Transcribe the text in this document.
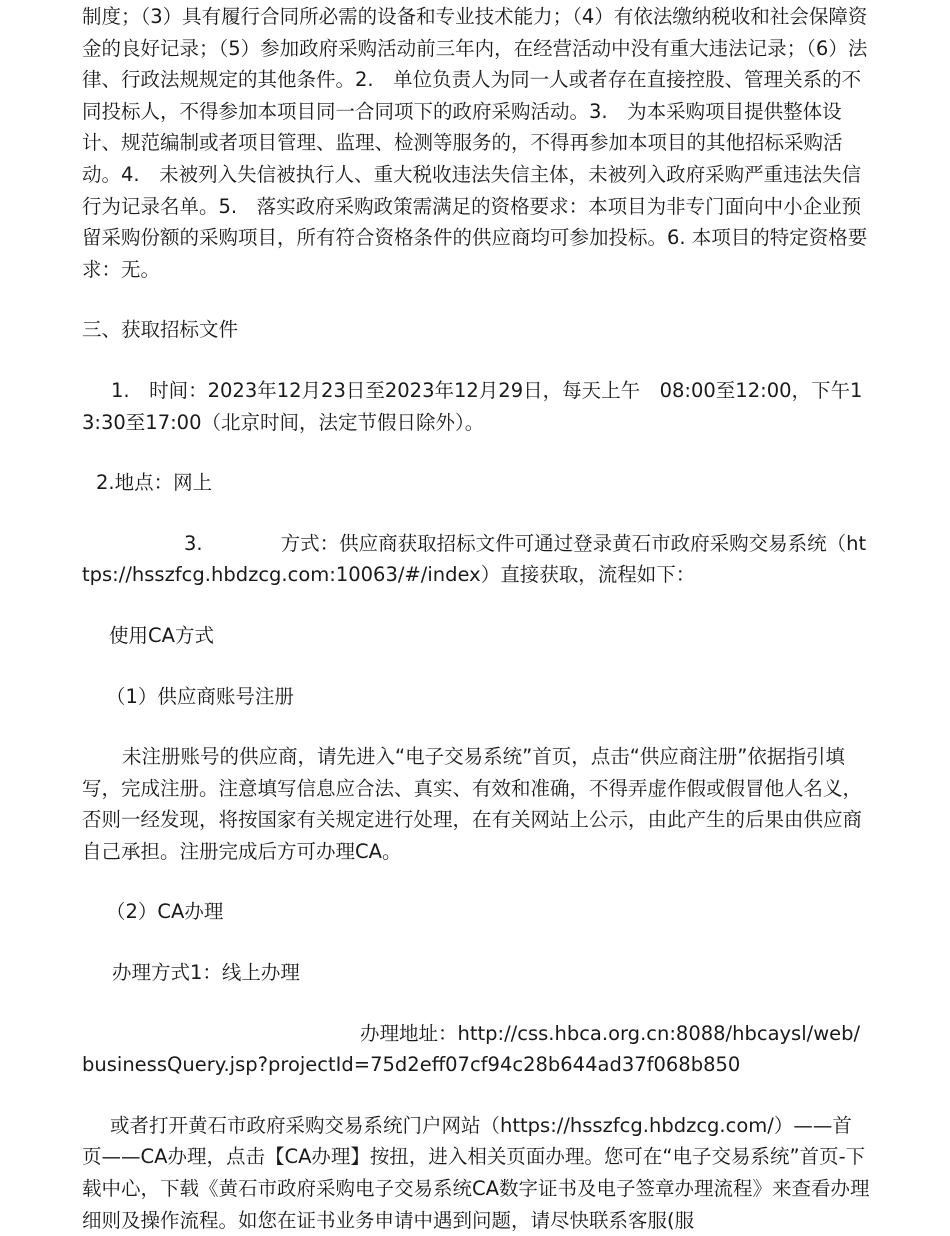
制度；（3）具有履行合同所必需的设备和专业技术能力；（4）有依法缴纳税收和社会保障资金的良好记录；（5）参加政府采购活动前三年内，在经营活动中没有重大违法记录；（6）法律、行政法规规定的其他条件。2.　单位负责人为同一人或者存在直接控股、管理关系的不同投标人，不得参加本项目同一合同项下的政府采购活动。3.　为本采购项目提供整体设计、规范编制或者项目管理、监理、检测等服务的，不得再参加本项目的其他招标采购活动。4.　未被列入失信被执行人、重大税收违法失信主体，未被列入政府采购严重违法失信行为记录名单。5.　落实政府采购政策需满足的资格要求：本项目为非专门面向中小企业预留采购份额的采购项目，所有符合资格条件的供应商均可参加投标。6. 本项目的特定资格要求：无。

三、获取招标文件

1.　时间：2023年12月23日至2023年12月29日，每天上午　08:00至12:00，下午13:30至17:00（北京时间，法定节假日除外）。

2.地点：网上

3.　　　　方式：供应商获取招标文件可通过登录黄石市政府采购交易系统（https://hsszfcg.hbdzcg.com:10063/#/index）直接获取，流程如下：

使用CA方式

（1）供应商账号注册

未注册账号的供应商，请先进入“电子交易系统”首页，点击“供应商注册”依据指引填写，完成注册。注意填写信息应合法、真实、有效和准确，不得弄虚作假或假冒他人名义，否则一经发现，将按国家有关规定进行处理，在有关网站上公示，由此产生的后果由供应商自己承担。注册完成后方可办理CA。

（2）CA办理

办理方式1：线上办理

办理地址：http://css.hbca.org.cn:8088/hbcaysl/web/businessQuery.jsp?projectId=75d2eff07cf94c28b644ad37f068b850

或者打开黄石市政府采购交易系统门户网站（https://hsszfcg.hbdzcg.com/）——首页——CA办理，点击【CA办理】按扭，进入相关页面办理。您可在“电子交易系统”首页-下载中心，下载《黄石市政府采购电子交易系统CA数字证书及电子签章办理流程》来查看办理细则及操作流程。如您在证书业务申请中遇到问题，请尽快联系客服(服
